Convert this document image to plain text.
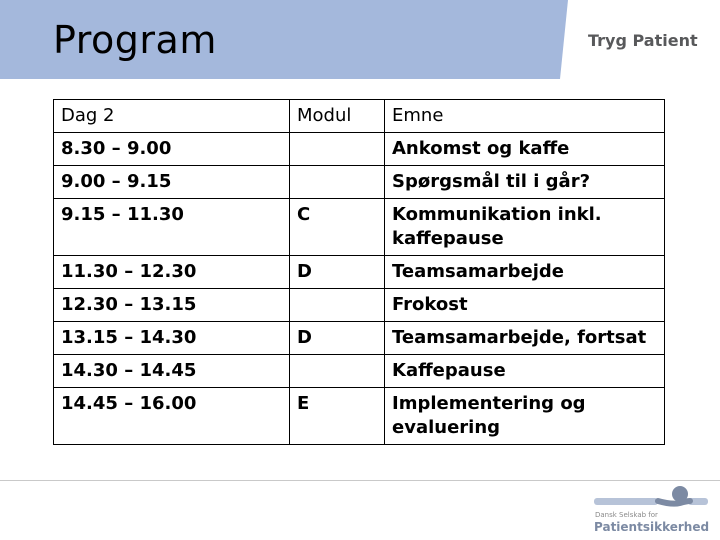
Program	Tryg Patient
Dag 2	Modul	Emne
8.30 – 9.00		Ankomst og kaffe
9.00 – 9.15		Spørgsmål til i går?
9.15 – 11.30	C	Kommunikation inkl. kaffepause
11.30 – 12.30	D	Teamsamarbejde
12.30 – 13.15		Frokost
13.15 – 14.30	D	Teamsamarbejde, fortsat
14.30 – 14.45		Kaffepause
14.45 – 16.00	E	Implementering og evaluering
Dansk Selskab for
Patientsikkerhed
